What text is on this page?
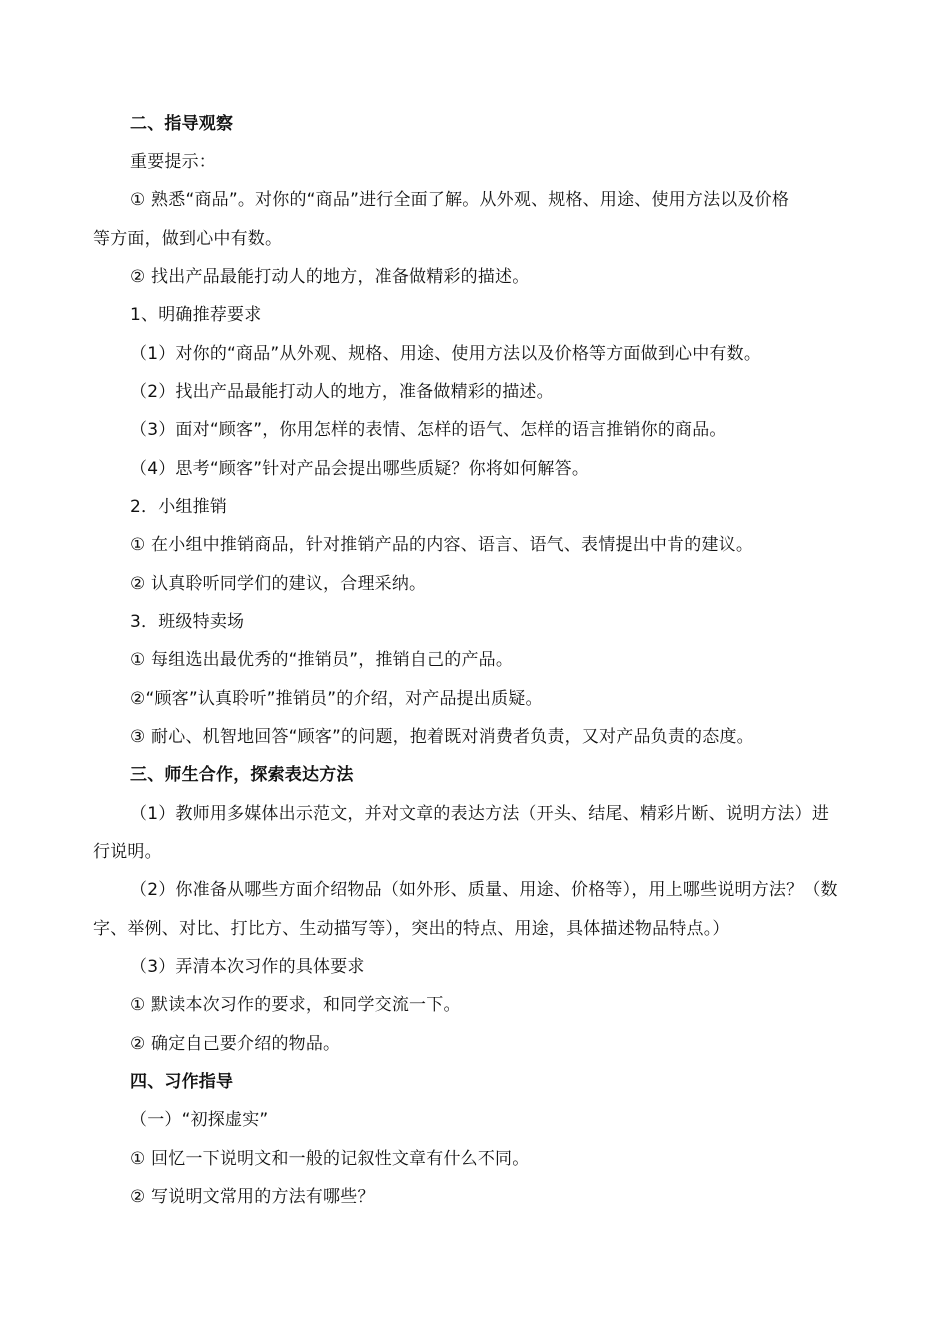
二、指导观察
重要提示：
① 熟悉“商品”。对你的“商品”进行全面了解。从外观、规格、用途、使用方法以及价格
等方面，做到心中有数。
② 找出产品最能打动人的地方，准备做精彩的描述。
1、明确推荐要求
（1）对你的“商品”从外观、规格、用途、使用方法以及价格等方面做到心中有数。
（2）找出产品最能打动人的地方，准备做精彩的描述。
（3）面对“顾客”，你用怎样的表情、怎样的语气、怎样的语言推销你的商品。
（4）思考“顾客”针对产品会提出哪些质疑？你将如何解答。
2．小组推销
① 在小组中推销商品，针对推销产品的内容、语言、语气、表情提出中肯的建议。
② 认真聆听同学们的建议，合理采纳。
3．班级特卖场
① 每组选出最优秀的“推销员”，推销自己的产品。
②“顾客”认真聆听”推销员”的介绍，对产品提出质疑。
③ 耐心、机智地回答“顾客”的问题，抱着既对消费者负责，又对产品负责的态度。
三、师生合作，探索表达方法
（1）教师用多媒体出示范文，并对文章的表达方法（开头、结尾、精彩片断、说明方法）进
行说明。
（2）你准备从哪些方面介绍物品（如外形、质量、用途、价格等），用上哪些说明方法？（数
字、举例、对比、打比方、生动描写等），突出的特点、用途，具体描述物品特点。）
（3）弄清本次习作的具体要求
① 默读本次习作的要求，和同学交流一下。
② 确定自己要介绍的物品。
四、习作指导
（一）“初探虚实”
① 回忆一下说明文和一般的记叙性文章有什么不同。
② 写说明文常用的方法有哪些？
